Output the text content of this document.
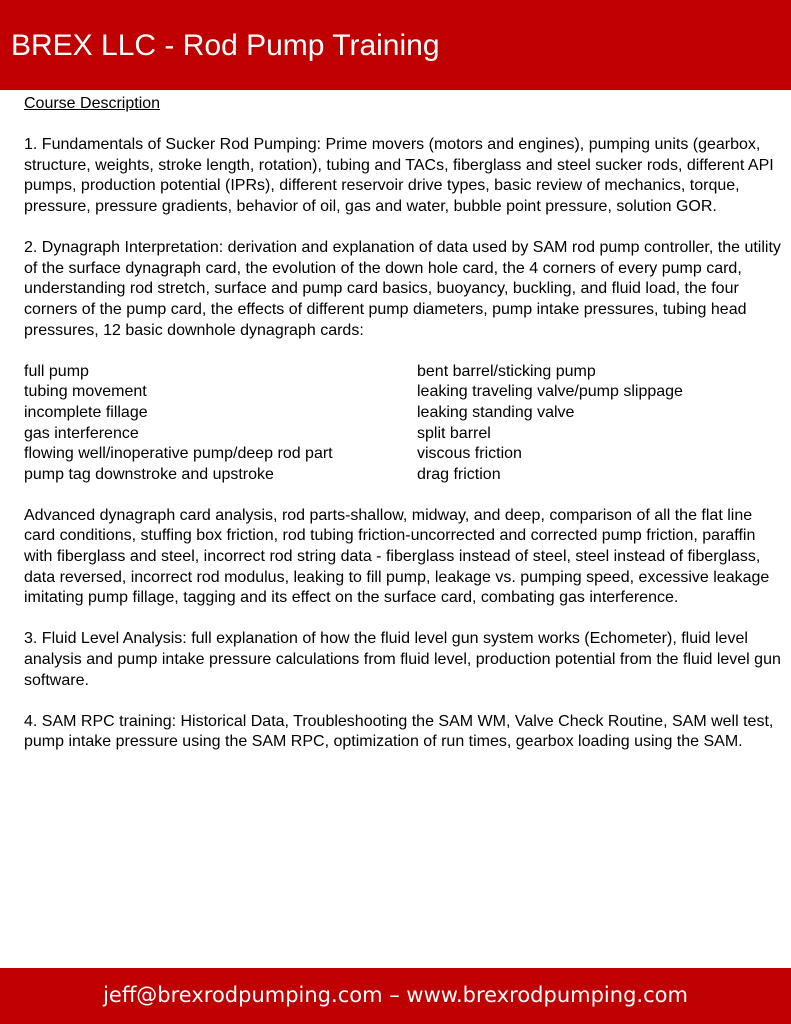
BREX LLC - Rod Pump Training

Course Description

1. Fundamentals of Sucker Rod Pumping: Prime movers (motors and engines), pumping units (gearbox, structure, weights, stroke length, rotation), tubing and TACs, fiberglass and steel sucker rods, different API pumps, production potential (IPRs), different reservoir drive types, basic review of mechanics, torque, pressure, pressure gradients, behavior of oil, gas and water, bubble point pressure, solution GOR.

2. Dynagraph Interpretation: derivation and explanation of data used by SAM rod pump controller, the utility of the surface dynagraph card, the evolution of the down hole card, the 4 corners of every pump card, understanding rod stretch, surface and pump card basics, buoyancy, buckling, and fluid load, the four corners of the pump card, the effects of different pump diameters, pump intake pressures, tubing head pressures, 12 basic downhole dynagraph cards:

full pump
tubing movement
incomplete fillage
gas interference
flowing well/inoperative pump/deep rod part
pump tag downstroke and upstroke
bent barrel/sticking pump
leaking traveling valve/pump slippage
leaking standing valve
split barrel
viscous friction
drag friction

Advanced dynagraph card analysis, rod parts-shallow, midway, and deep, comparison of all the flat line card conditions, stuffing box friction, rod tubing friction-uncorrected and corrected pump friction, paraffin with fiberglass and steel, incorrect rod string data - fiberglass instead of steel, steel instead of fiberglass, data reversed, incorrect rod modulus, leaking to fill pump, leakage vs. pumping speed, excessive leakage imitating pump fillage, tagging and its effect on the surface card, combating gas interference.

3. Fluid Level Analysis: full explanation of how the fluid level gun system works (Echometer), fluid level analysis and pump intake pressure calculations from fluid level, production potential from the fluid level gun software.

4. SAM RPC training: Historical Data, Troubleshooting the SAM WM, Valve Check Routine, SAM well test, pump intake pressure using the SAM RPC, optimization of run times, gearbox loading using the SAM.

jeff@brexrodpumping.com – www.brexrodpumping.com
